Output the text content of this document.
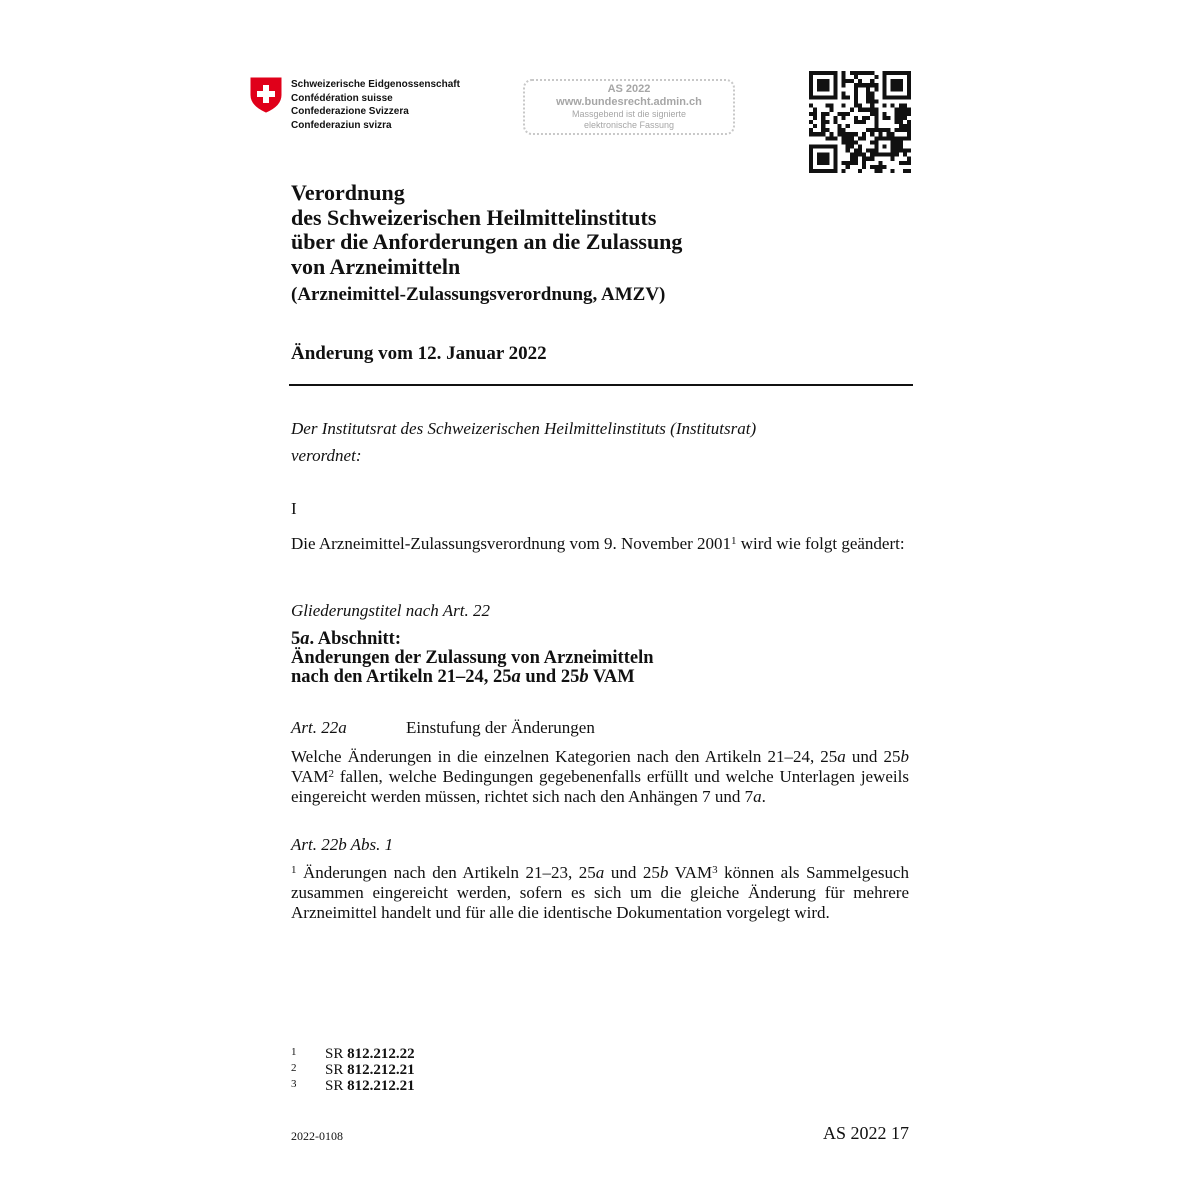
Schweizerische Eidgenossenschaft
Confédération suisse
Confederazione Svizzera
Confederaziun svizra
AS 2022
www.bundesrecht.admin.ch
Massgebend ist die signierte
elektronische Fassung
Verordnung
des Schweizerischen Heilmittelinstituts
über die Anforderungen an die Zulassung
von Arzneimitteln
(Arzneimittel-Zulassungsverordnung, AMZV)
Änderung vom 12. Januar 2022
Der Institutsrat des Schweizerischen Heilmittelinstituts (Institutsrat)
verordnet:
I
Die Arzneimittel-Zulassungsverordnung vom 9. November 2001$^1$ wird wie folgt geändert:
Gliederungstitel nach Art. 22
5a. Abschnitt:
Änderungen der Zulassung von Arzneimitteln
nach den Artikeln 21–24, 25a und 25b VAM
Art. 22a	Einstufung der Änderungen
Welche Änderungen in die einzelnen Kategorien nach den Artikeln 21–24, 25a und 25b VAM$^2$ fallen, welche Bedingungen gegebenenfalls erfüllt und welche Unterlagen jeweils eingereicht werden müssen, richtet sich nach den Anhängen 7 und 7a.
Art. 22b Abs. 1
$^1$ Änderungen nach den Artikeln 21–23, 25a und 25b VAM$^3$ können als Sammelgesuch zusammen eingereicht werden, sofern es sich um die gleiche Änderung für mehrere Arzneimittel handelt und für alle die identische Dokumentation vorgelegt wird.
1	SR 812.212.22
2	SR 812.212.21
3	SR 812.212.21
2022-0108	AS 2022 17
